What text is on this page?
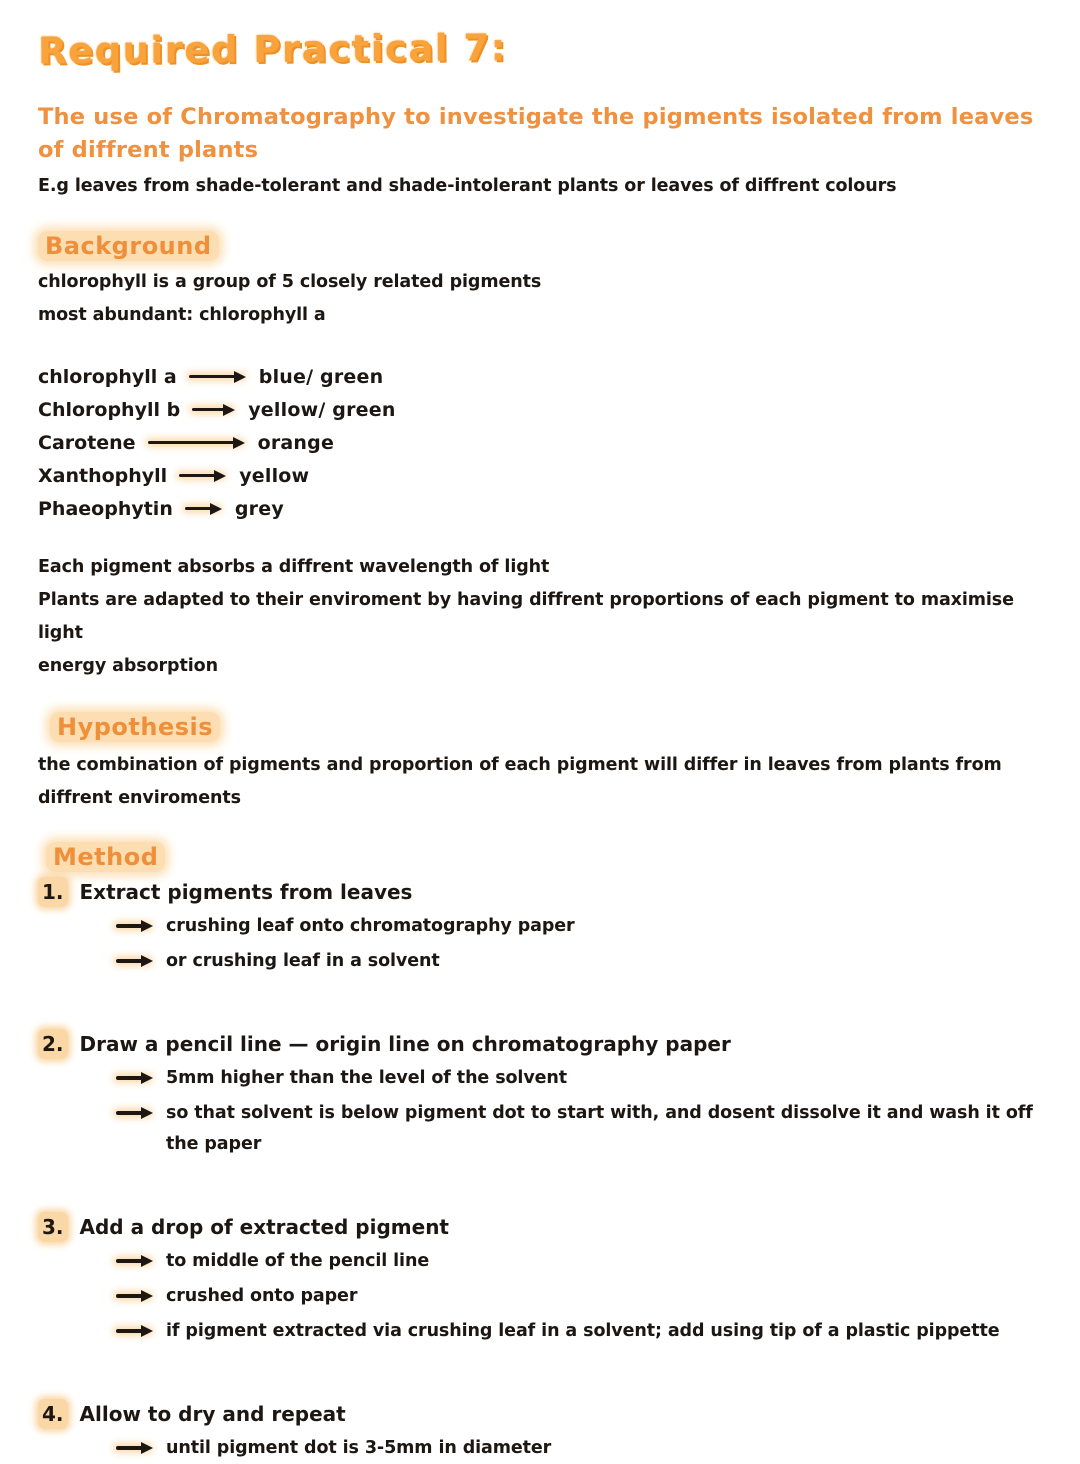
Required Practical 7:
The use of Chromatography to investigate the pigments isolated from leaves
of diffrent plants
E.g leaves from shade-tolerant and shade-intolerant plants or leaves of diffrent colours
Background
chlorophyll is a group of 5 closely related pigments
most abundant: chlorophyll a
chlorophyll a	blue/ green
Chlorophyll b	yellow/ green
Carotene	orange
Xanthophyll	yellow
Phaeophytin	grey
Each pigment absorbs a diffrent wavelength of light
Plants are adapted to their enviroment by having diffrent proportions of each pigment to maximise light
energy absorption
Hypothesis
the combination of pigments and proportion of each pigment will differ in leaves from plants from
diffrent enviroments
Method
1. Extract pigments from leaves
crushing leaf onto chromatography paper
or crushing leaf in a solvent
2. Draw a pencil line — origin line on chromatography paper
5mm higher than the level of the solvent
so that solvent is below pigment dot to start with, and dosent dissolve it and wash it off the paper
3. Add a drop of extracted pigment
to middle of the pencil line
crushed onto paper
if pigment extracted via crushing leaf in a solvent; add using tip of a plastic pippette
4. Allow to dry and repeat
until pigment dot is 3-5mm in diameter
